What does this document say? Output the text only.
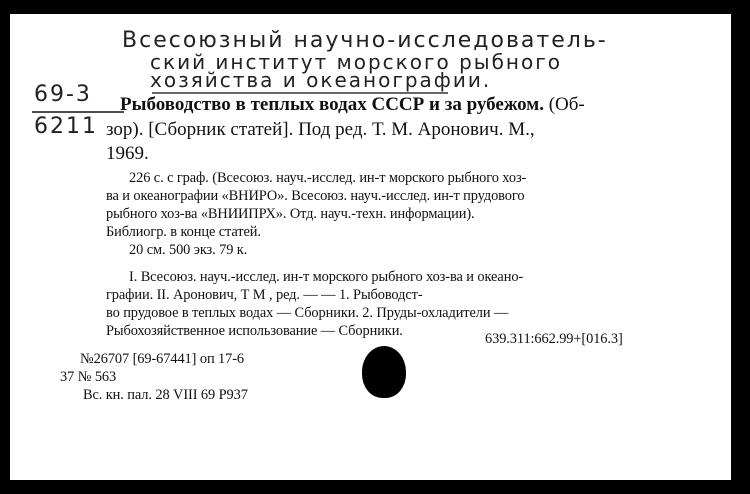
Всесоюзный научно-исследователь-
ский институт морского рыбного
хозяйства и океанографии.
69-3
6211
Рыбоводство в теплых водах СССР и за рубежом. (Об-
зор). [Сборник статей]. Под ред. Т. М. Аронович. М.,
1969.
226 с. с граф. (Всесоюз. науч.-исслед. ин-т морского рыбного хоз-
ва и океанографии «ВНИРО». Всесоюз. науч.-исслед. ин-т прудового
рыбного хоз-ва «ВНИИПРХ». Отд. науч.-техн. информации).
Библиогр. в конце статей.
20 см. 500 экз. 79 к.
I. Всесоюз. науч.-исслед. ин-т морского рыбного хоз-ва и океано-
графии. II. Аронович, Т М , ред. — — 1. Рыбоводст-
во прудовое в теплых водах — Сборники. 2. Пруды-охладители —
Рыбохозяйственное использование — Сборники.	639.311:662.99+[016.3]
№26707 [69-67441] оп 17-6
37 № 563
Вс. кн. пал. 28 VIII 69 Р937
